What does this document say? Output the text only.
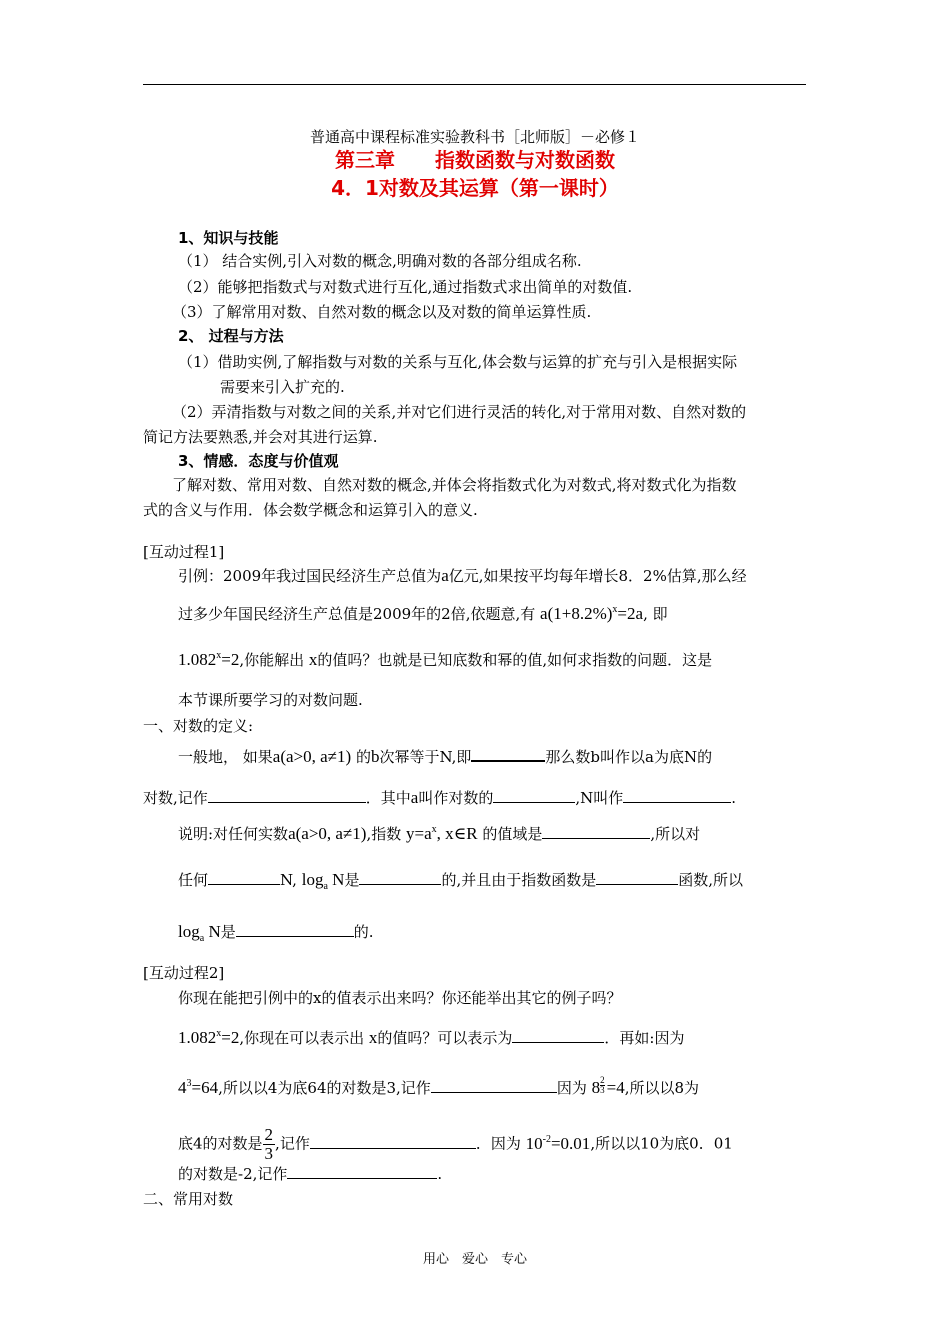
普通高中课程标准实验教科书［北师版］－必修１
第三章　　指数函数与对数函数
4．1对数及其运算（第一课时）
1、知识与技能
（1） 结合实例,引入对数的概念,明确对数的各部分组成名称.
（2）能够把指数式与对数式进行互化,通过指数式求出简单的对数值.
（3）了解常用对数、自然对数的概念以及对数的简单运算性质.
2、 过程与方法
（1）借助实例,了解指数与对数的关系与互化,体会数与运算的扩充与引入是根据实际
需要来引入扩充的.
（2）弄清指数与对数之间的关系,并对它们进行灵活的转化,对于常用对数、自然对数的
简记方法要熟悉,并会对其进行运算.
3、情感．态度与价值观
了解对数、常用对数、自然对数的概念,并体会将指数式化为对数式,将对数式化为指数
式的含义与作用．体会数学概念和运算引入的意义.
[互动过程1]
引例：2009年我过国民经济生产总值为a亿元,如果按平均每年增长8．2%估算,那么经
过多少年国民经济生产总值是2009年的2倍,依题意,有 $a(1+8.2\%)^x=2a$, 即
$1.082^x=2$,你能解出 x的值吗？也就是已知底数和幂的值,如何求指数的问题．这是
本节课所要学习的对数问题.
一、对数的定义:
一般地， 如果a(a>0, a≠1) 的b次幂等于N,即	那么数b叫作以a为底N的
对数,记作	．其中a叫作对数的	,N叫作	.
说明:对任何实数a(a>0, a≠1),指数 $y=a^x$, x∈R 的值域是	,所以对
任何	N, $\log_a N$是	的,并且由于指数函数是	函数,所以
$\log_a N$是	的.
[互动过程2]
你现在能把引例中的x的值表示出来吗？你还能举出其它的例子吗？
$1.082^x=2$,你现在可以表示出 x的值吗？可以表示为	．再如:因为
$4^3=64$,所以以4为底64的对数是3,记作	因为 $8 \frac{2}{3} =4$,所以以8为
底4的对数是 $\frac{2}{3}$ ,记作	．因为 $10^{-2}=0.01$,所以以10为底0．01
的对数是-2,记作	.
二、常用对数
用心　爱心　专心
